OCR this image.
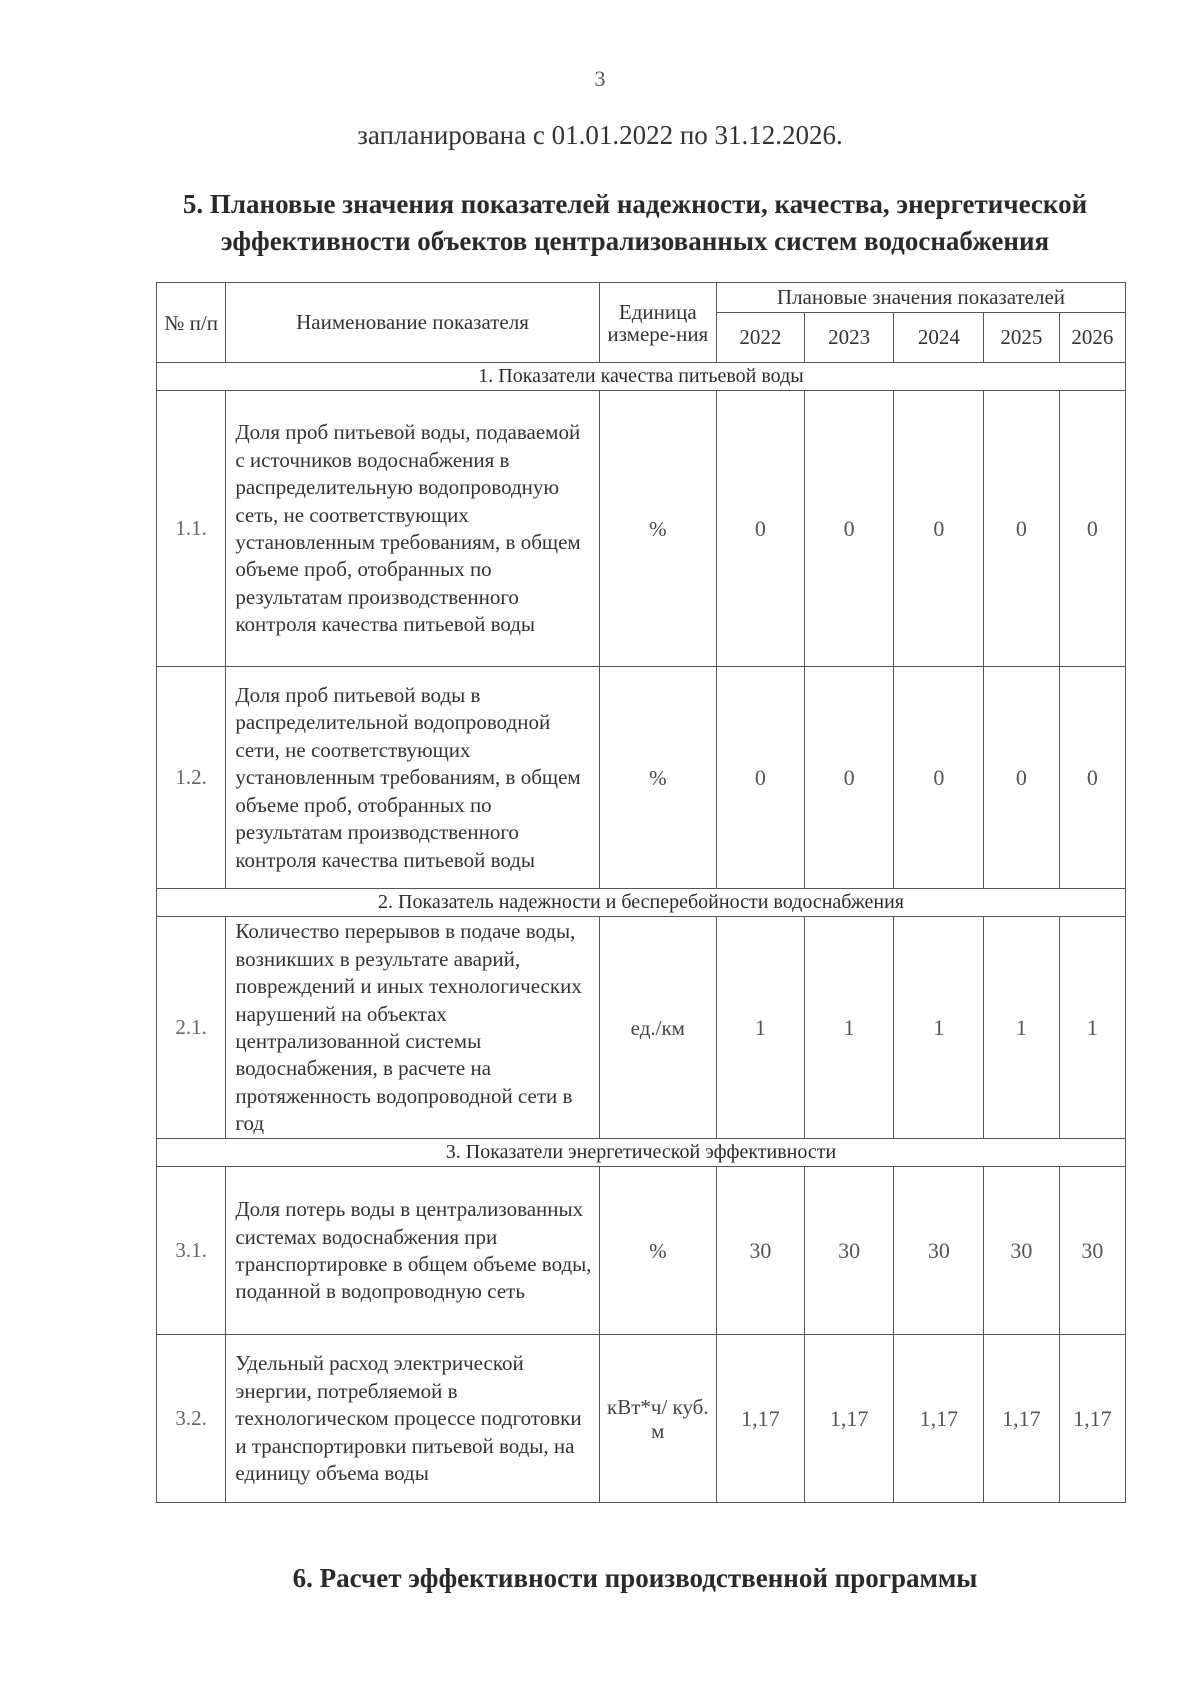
3
запланирована с 01.01.2022 по 31.12.2026.
5. Плановые значения показателей надежности, качества, энергетической
эффективности объектов централизованных систем водоснабжения
№ п/п	Наименование показателя	Единица измере-ния	Плановые значения показателей				
			2022	2023	2024	2025	2026
1. Показатели качества питьевой воды							
1.1.	Доля проб питьевой воды, подаваемой с источников водоснабжения в распределительную водопроводную сеть, не соответствующих установленным требованиям, в общем объеме проб, отобранных по результатам производственного контроля качества питьевой воды	%	0	0	0	0	0
1.2.	Доля проб питьевой воды в распределительной водопроводной сети, не соответствующих установленным требованиям, в общем объеме проб, отобранных по результатам производственного контроля качества питьевой воды	%	0	0	0	0	0
2. Показатель надежности и бесперебойности водоснабжения							
2.1.	Количество перерывов в подаче воды, возникших в результате аварий, повреждений и иных технологических нарушений на объектах централизованной системы водоснабжения, в расчете на протяженность водопроводной сети в год	ед./км	1	1	1	1	1
3. Показатели энергетической эффективности							
3.1.	Доля потерь воды в централизованных системах водоснабжения при транспортировке в общем объеме воды, поданной в водопроводную сеть	%	30	30	30	30	30
3.2.	Удельный расход электрической энергии, потребляемой в технологическом процессе подготовки и транспортировки питьевой воды, на единицу объема воды	кВт*ч/ куб. м	1,17	1,17	1,17	1,17	1,17
6. Расчет эффективности производственной программы
